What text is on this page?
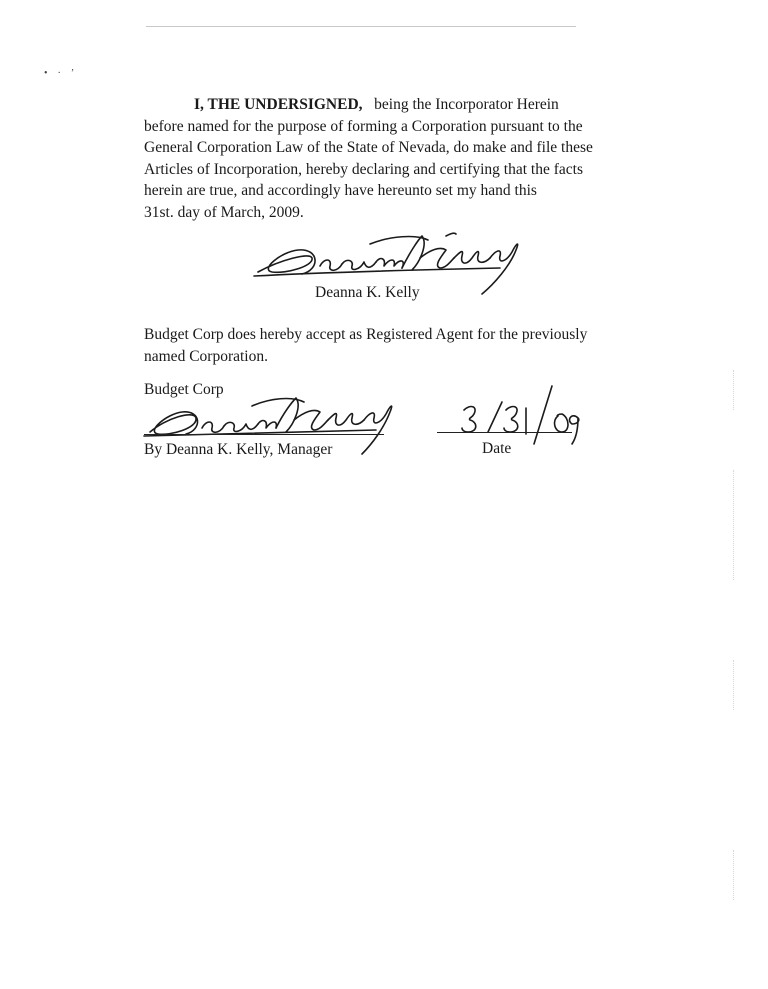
•·’
I, THE UNDERSIGNED, being the Incorporator Herein
before named for the purpose of forming a Corporation pursuant to the
General Corporation Law of the State of Nevada, do make and file these
Articles of Incorporation, hereby declaring and certifying that the facts
herein are true, and accordingly have hereunto set my hand this
31st. day of March, 2009.
Deanna K. Kelly
Budget Corp does hereby accept as Registered Agent for the previously
named Corporation.
Budget Corp
By Deanna K. Kelly, Manager	Date
